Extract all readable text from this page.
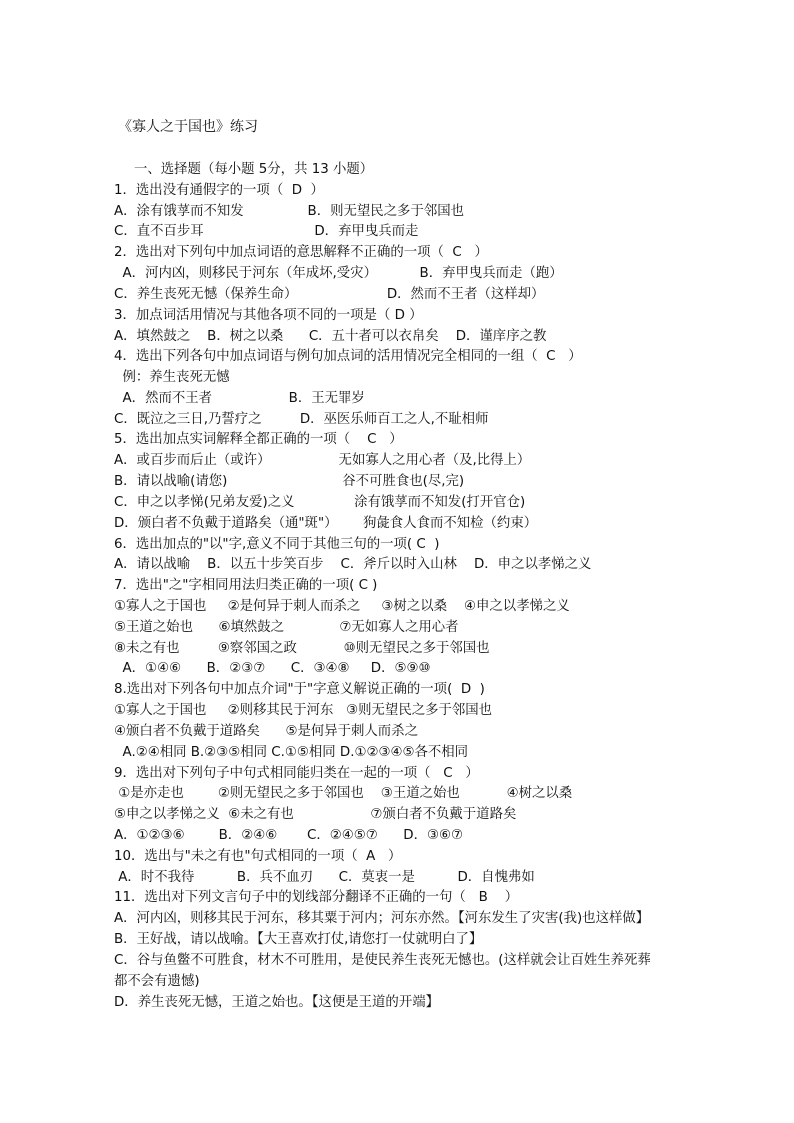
《寡人之于国也》练习
一、选择题（每小题 5分，共 13 小题）
1．选出没有通假字的一项（  D  ）
A．涂有饿莩而不知发               B．则无望民之多于邻国也
C．直不百步耳                          D．弃甲曳兵而走
2．选出对下列句中加点词语的意思解释不正确的一项（  C   ）
A．河内凶，则移民于河东（年成坏,受灾）          B．弃甲曳兵而走（跑）
C．养生丧死无憾（保养生命）                     D．然而不王者（这样却）
3．加点词活用情况与其他各项不同的一项是（ D ）
A．填然鼓之    B．树之以桑      C．五十者可以衣帛矣    D．谨庠序之教
4．选出下列各句中加点词语与例句加点词的活用情况完全相同的一组（  C   ）
例：养生丧死无憾
A．然而不王者                  B．王无罪岁
C．既泣之三日,乃誓疗之         D．巫医乐师百工之人,不耻相师
5．选出加点实词解释全都正确的一项（    C   ）
A．或百步而后止（或许）                无如寡人之用心者（及,比得上）
B．请以战喻(请您)                           谷不可胜食也(尽,完)
C．申之以孝悌(兄弟友爱)之义              涂有饿莩而不知发(打开官仓)
D．颁白者不负戴于道路矣（通"斑"）      狗彘食人食而不知检（约束）
6．选出加点的"以"字,意义不同于其他三句的一项( C  )
A．请以战喻    B．以五十步笑百步    C．斧斤以时入山林    D．申之以孝悌之义
7．选出"之"字相同用法归类正确的一项( C )
①寡人之于国也     ②是何异于刺人而杀之     ③树之以桑    ④申之以孝悌之义
⑤王道之始也      ⑥填然鼓之             ⑦无如寡人之用心者
⑧未之有也         ⑨察邻国之政           ⑩则无望民之多于邻国也
A．①④⑥      B．②③⑦      C．③④⑧     D．⑤⑨⑩
8.选出对下列各句中加点介词"于"字意义解说正确的一项(  D  )
①寡人之于国也     ②则移其民于河东   ③则无望民之多于邻国也
④颁白者不负戴于道路矣      ⑤是何异于刺人而杀之
A.②④相同 B.②③⑤相同 C.①⑤相同 D.①②③④⑤各不相同
9．选出对下列句子中句式相同能归类在一起的一项（   C   ）
①是亦走也        ②则无望民之多于邻国也    ③王道之始也           ④树之以桑
⑤申之以孝悌之义  ⑥未之有也                  ⑦颁白者不负戴于道路矣
A．①②③⑥        B．②④⑥       C．②④⑤⑦      D．③⑥⑦
10．选出与"未之有也"句式相同的一项（  A   ）
A．时不我待          B．兵不血刃      C．莫衷一是          D．自愧弗如
11．选出对下列文言句子中的划线部分翻译不正确的一句（   B    ）
A．河内凶，则移其民于河东，移其粟于河内；河东亦然。【河东发生了灾害(我)也这样做】
B．王好战，请以战喻。【大王喜欢打仗,请您打一仗就明白了】
C．谷与鱼鳖不可胜食，材木不可胜用，是使民养生丧死无憾也。(这样就会让百姓生养死葬
都不会有遗憾)
D．养生丧死无憾，王道之始也。【这便是王道的开端】
